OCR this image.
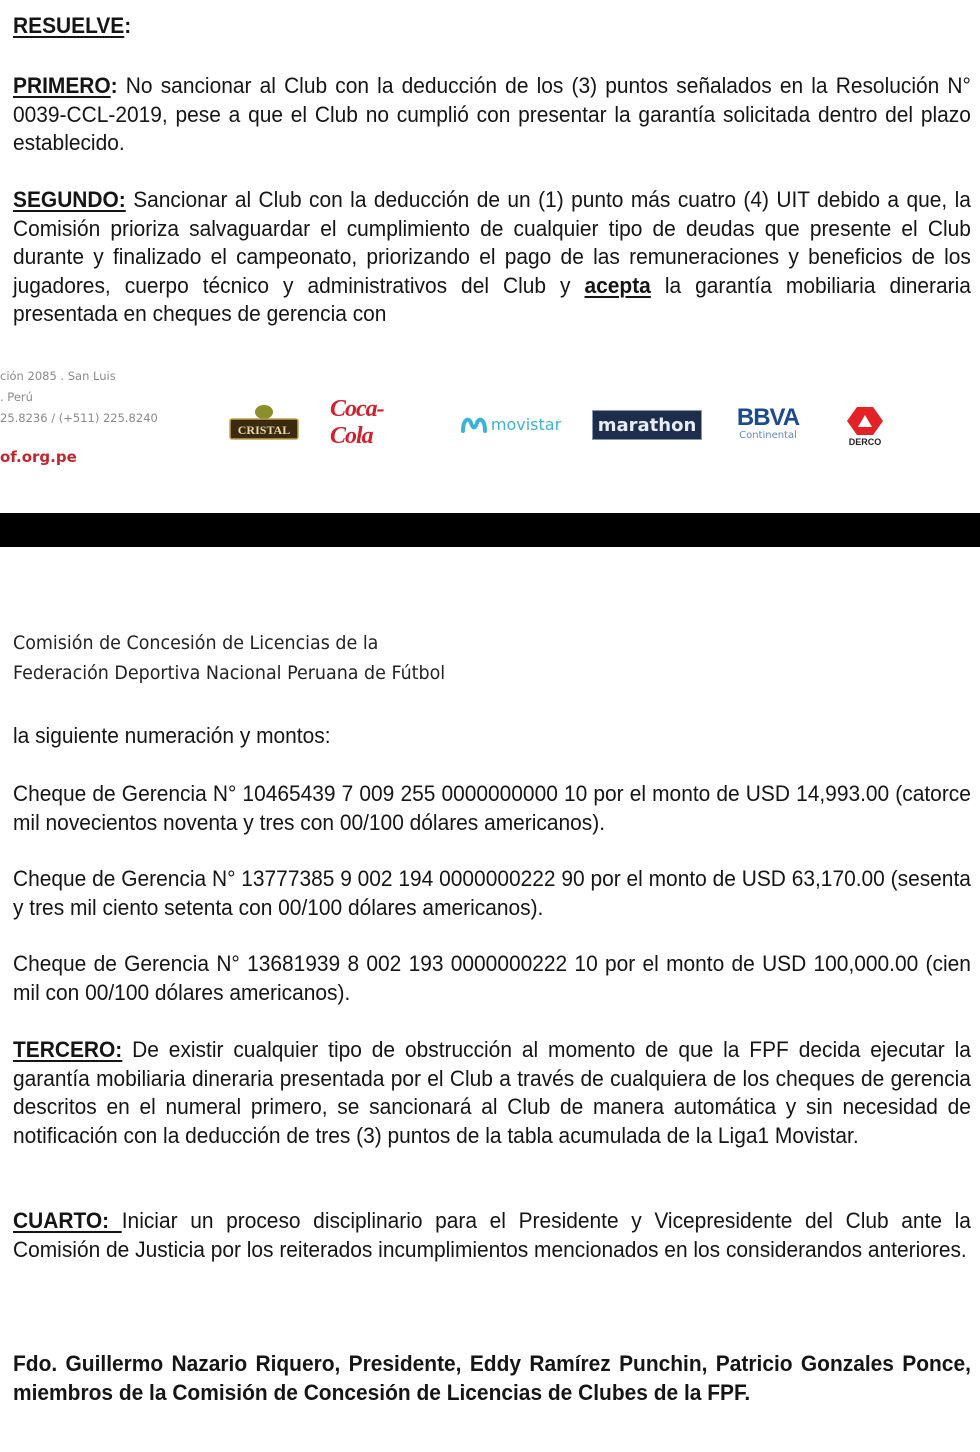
RESUELVE:
PRIMERO: No sancionar al Club con la deducción de los (3) puntos señalados en la Resolución N° 0039-CCL-2019, pese a que el Club no cumplió con presentar la garantía solicitada dentro del plazo establecido.
SEGUNDO: Sancionar al Club con la deducción de un (1) punto más cuatro (4) UIT debido a que, la Comisión prioriza salvaguardar el cumplimiento de cualquier tipo de deudas que presente el Club durante y finalizado el campeonato, priorizando el pago de las remuneraciones y beneficios de los jugadores, cuerpo técnico y administrativos del Club y acepta la garantía mobiliaria dineraria presentada en cheques de gerencia con
ción 2085 . San Luis
. Perú
25.8236 / (+511) 225.8240
of.org.pe
CRISTAL
Coca-Cola	movistar marathon BBVA
Continental
DERCO
Comisión de Concesión de Licencias de la
Federación Deportiva Nacional Peruana de Fútbol
la siguiente numeración y montos:
Cheque de Gerencia N° 10465439 7 009 255 0000000000 10 por el monto de USD 14,993.00 (catorce mil novecientos noventa y tres con 00/100 dólares americanos).
Cheque de Gerencia N° 13777385 9 002 194 0000000222 90 por el monto de USD 63,170.00 (sesenta y tres mil ciento setenta con 00/100 dólares americanos).
Cheque de Gerencia N° 13681939 8 002 193 0000000222 10 por el monto de USD 100,000.00 (cien mil con 00/100 dólares americanos).
TERCERO: De existir cualquier tipo de obstrucción al momento de que la FPF decida ejecutar la garantía mobiliaria dineraria presentada por el Club a través de cualquiera de los cheques de gerencia descritos en el numeral primero, se sancionará al Club de manera automática y sin necesidad de notificación con la deducción de tres (3) puntos de la tabla acumulada de la Liga1 Movistar.
CUARTO: Iniciar un proceso disciplinario para el Presidente y Vicepresidente del Club ante la Comisión de Justicia por los reiterados incumplimientos mencionados en los considerandos anteriores.
Fdo. Guillermo Nazario Riquero, Presidente, Eddy Ramírez Punchin, Patricio Gonzales Ponce, miembros de la Comisión de Concesión de Licencias de Clubes de la FPF.
